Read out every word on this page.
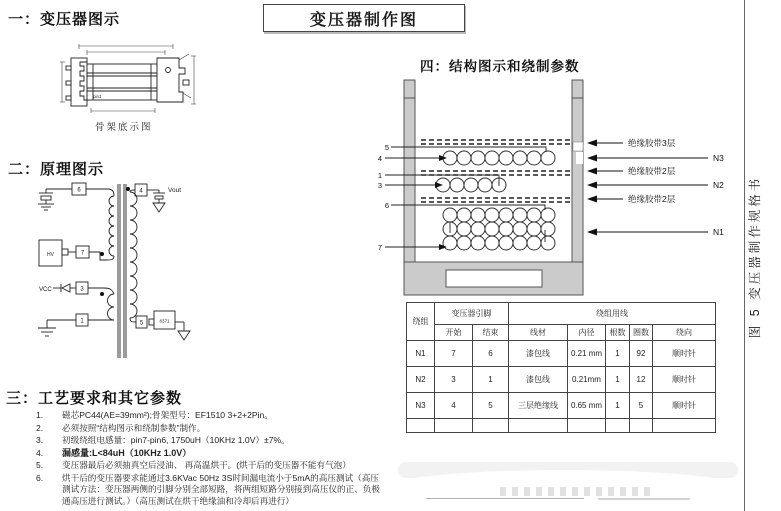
变压器制作图
一：变压器图示
pin1
骨架底示图
二：原理图示
6
7
3
1
4
5
HV
8371
Vout
VCC
三：工艺要求和其它参数
1.	磁芯PC44(AE=39mm²);骨架型号：EF1510 3+2+2Pin。
2.	必须按照“结构图示和绕制参数”制作。
3.	初级绕组电感量：pin7-pin6, 1750uH（10KHz 1.0V）±7%。
4.	漏感量:L<84uH（10KHz 1.0V）
5.	变压器最后必须抽真空后浸油、 再高温烘干。(烘干后的变压器不能有气泡）
6.	烘干后的变压器要求能通过3.6KVac 50Hz 3S时间漏电流小于5mA的高压测试（高压测试方法：变压器两侧的引脚分别全部短路，将两组短路分别接到高压仪的正、负极通高压进行测试。）（高压测试在烘干绝缘油和冷却后再进行）
四：结构图示和绕制参数
5
4
1
3
6
7
绝缘胶带3层
N3
绝缘胶带2层
N2
绝缘胶带2层
N1
绕组	变压器引脚		绕组用线				
	开始	结束	线材	内径	根数	圈数	绕向
N1	7	6	漆包线	0.21 mm	1	92	顺时针
N2	3	1	漆包线	0.21mm	1	12	顺时针
N3	4	5	三层绝缘线	0.65 mm	1	5	顺时针

图 5 变压器制作规格书
